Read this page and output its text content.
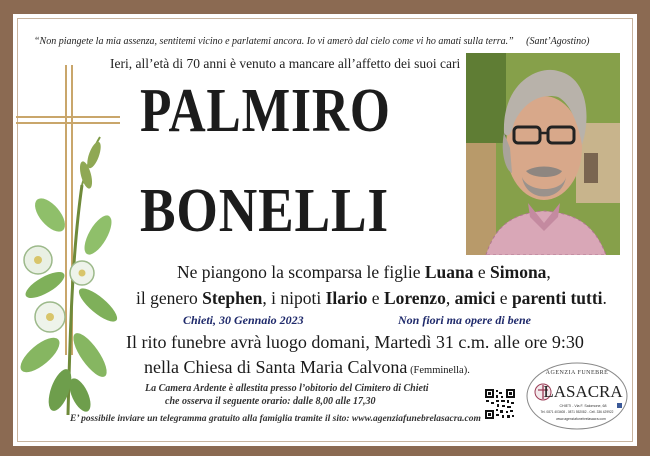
“Non piangete la mia assenza, sentitemi vicino e parlatemi ancora. Io vi amerò dal cielo come vi ho amati sulla terra.” (Sant’Agostino)
Ieri, all’età di 70 anni è venuto a mancare all’affetto dei suoi cari
PALMIRO
BONELLI
Ne piangono la scomparsa le figlie Luana e Simona,
il genero Stephen, i nipoti Ilario e Lorenzo, amici e parenti tutti.
Chieti, 30 Gennaio 2023	Non fiori ma opere di bene
Il rito funebre avrà luogo domani, Martedì 31 c.m. alle ore 9:30
nella Chiesa di Santa Maria Calvona (Femminella).
La Camera Ardente è allestita presso l’obitorio del Cimitero di Chieti
che osserva il seguente orario: dalle 8,00 alle 17,30
E’ possibile inviare un telegramma gratuito alla famiglia tramite il sito: www.agenziafunebrelasacra.com
AGENZIA FUNEBRE
LASACRA
CHIETI - Via F. Salomone, 68
Tel. 0871 403408 - 0871 552082 - Cell. 336 429922
www.agenziafunebrelasacra.com
